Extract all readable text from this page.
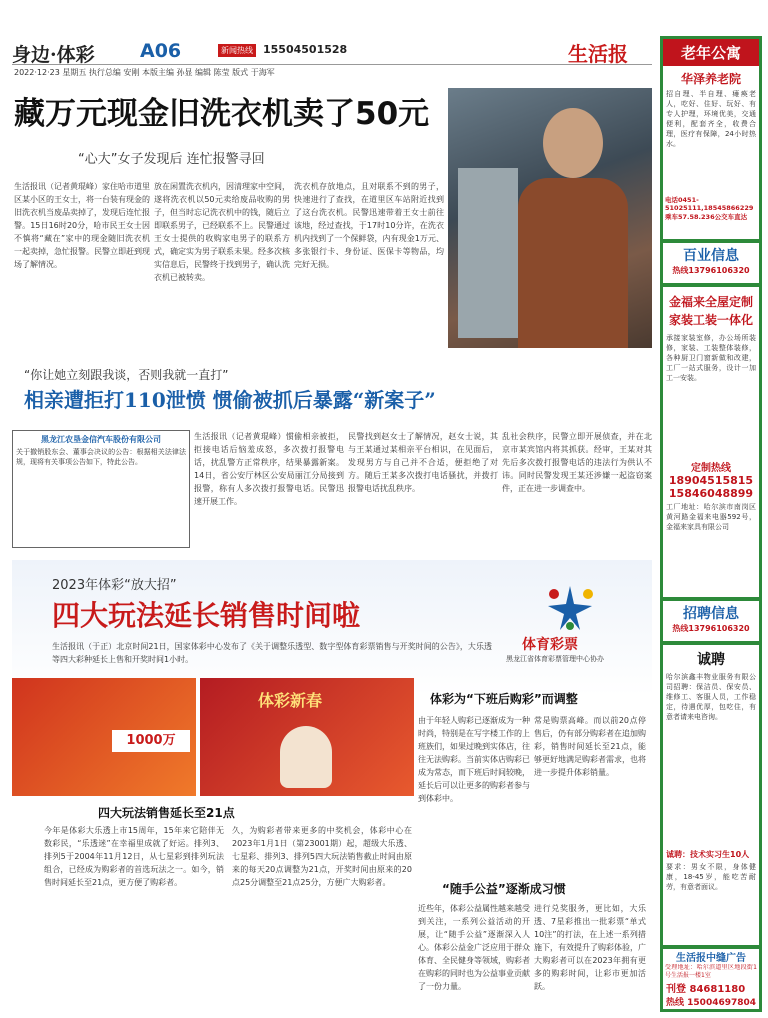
身边·体彩 A06	新闻热线 15504501528	生活报
2022·12·23 星期五 执行总编 安刚 本版主编 孙显 编辑 陈莹 版式 于海军
藏万元现金旧洗衣机卖了50元
“心大”女子发现后 连忙报警寻回
生活报讯（记者黄琨峰）家住哈市道里区某小区的王女士，将一台装有现金的旧洗衣机当废品卖掉了，发现后连忙报警。15日16时20分，哈市民王女士因不慎将“藏在”家中的现金随旧洗衣机一起卖掉，急忙报警。民警立即赶到现场了解情况。
放在闲置洗衣机内，因清理家中空间，遂将洗衣机以50元卖给废品收购的男子，但当时忘记洗衣机中的钱，随后立即联系男子，已经联系不上。民警通过王女士提供的收购家电男子的联系方式，确定实为男子联系未果。经多次核实信息后，民警终于找到男子，确认洗衣机已被转卖。
洗衣机存放地点，且对联系不到的男子，快速进行了查找，在道里区车站附近找到了这台洗衣机。民警迅速带着王女士前往该地，经过查找，于17时10分许，在洗衣机内找到了一个保鲜袋，内有现金1万元、多张银行卡、身份证、医保卡等物品，均完好无损。
“你让她立刻跟我谈，否则我就一直打”
相亲遭拒打110泄愤 惯偷被抓后暴露“新案子”
黑龙江农垦金信汽车股份有限公司
关于撤销股东会、董事会决议的公告：根据相关法律法规，现将有关事项公告如下，特此公告。
生活报讯（记者黄琨峰）惯偷相亲被拒，拒接电话后恼羞成怒，多次拨打报警电话，扰乱警方正常秩序，结果暴露新案。14日，省公安厅林区公安局丽江分局接到报警，称有人多次拨打报警电话。民警迅速开展工作。
民警找到赵女士了解情况，赵女士说，其与王某通过某相亲平台相识，在见面后，发现男方与自己并不合适，便拒绝了对方。随后王某多次拨打电话骚扰，并拨打报警电话扰乱秩序。
乱社会秩序，民警立即开展侦查，并在北京市某宾馆内将其抓获。经审，王某对其先后多次拨打报警电话的违法行为供认不讳。同时民警发现王某还涉嫌一起盗窃案件，正在进一步调查中。
2023年体彩“放大招”
四大玩法延长销售时间啦
体育彩票
黑龙江省体育彩票管理中心协办
生活报讯（于正）北京时间21日，国家体彩中心发布了《关于调整乐透型、数字型体育彩票销售与开奖时间的公告》，大乐透等四大彩种延长上售和开奖时间1小时。
1000万
体彩新春
四大玩法销售延长至21点
今年是体彩大乐透上市15周年，15年来它陪伴无数彩民，“乐透迷”在幸福里成就了好运。排列3、排列5于2004年11月12日，从七星彩到排列玩法组合，已经成为购彩者的首选玩法之一。如今，销售时间延长至21点，更方便了购彩者。
久，为购彩者带来更多的中奖机会，体彩中心在2023年1月1日（第23001期）起，超级大乐透、七星彩、排列3、排列5四大玩法销售截止时间由原来的每天20点调整为21点，开奖时间由原来的20点25分调整至21点25分，方便广大购彩者。
体彩为“下班后购彩”而调整
由于年轻人购彩已逐渐成为一种时尚，特别是在写字楼工作的上班族们，如果过晚到实体店，往往无法购彩。当前实体店购彩已成为常态，而下班后时间较晚，延长后可以让更多的购彩者参与到体彩中。
常是购票高峰。而以前20点停售后，仍有部分购彩者在追加购彩，销售时间延长至21点，能够更好地满足购彩者需求，也将进一步提升体彩销量。
“随手公益”逐渐成习惯
近些年，体彩公益属性越来越受到关注，一系列公益活动的开展，让“随手公益”逐渐深入人心。体彩公益金广泛应用于群众体育、全民健身等领域，购彩者在购彩的同时也为公益事业贡献了一份力量。
进行兑奖服务，更比如，大乐透、7星彩推出一批彩票“单式10注”的打法，在上述一系列措施下，有效提升了购彩体验，广大购彩者可以在2023年拥有更多的购彩时间，让彩市更加活跃。
老年公寓
华泽养老院
招自理、半自理、瘫痪老人，吃好、住好、玩好、有专人护理，环境优美，交通便利，配套齐全，收费合理，医疗有保障，24小时热水。
电话0451-51025111,18545866229
乘车57.58.236公交车直达
百业信息
热线13796106320
金福来全屋定制
家装工装一体化
承接家装室修，办公场所装修，家装、工装整体装修，各种厨卫门窗新做和改建，工厂一站式服务，设计一加工一安装。
定制热线
18904515815
15846048899
工厂地址：哈尔滨市南岗区黄河路金福来电器592号，金福来家具有限公司
招聘信息
热线13796106320
诚聘
哈尔滨鑫丰物业服务有限公司招聘：保洁员、保安员、维修工、客服人员，工作稳定，待遇优厚，包吃住，有意者请来电咨询。
诚聘：技术实习生10人
要求：男女不限，身体健康，18-45岁，能吃苦耐劳，有意者面议。
生活报中缝广告
受理地址：哈尔滨道里区地段街1号生活报一楼1室
刊登 84681180
热线 15004697804
